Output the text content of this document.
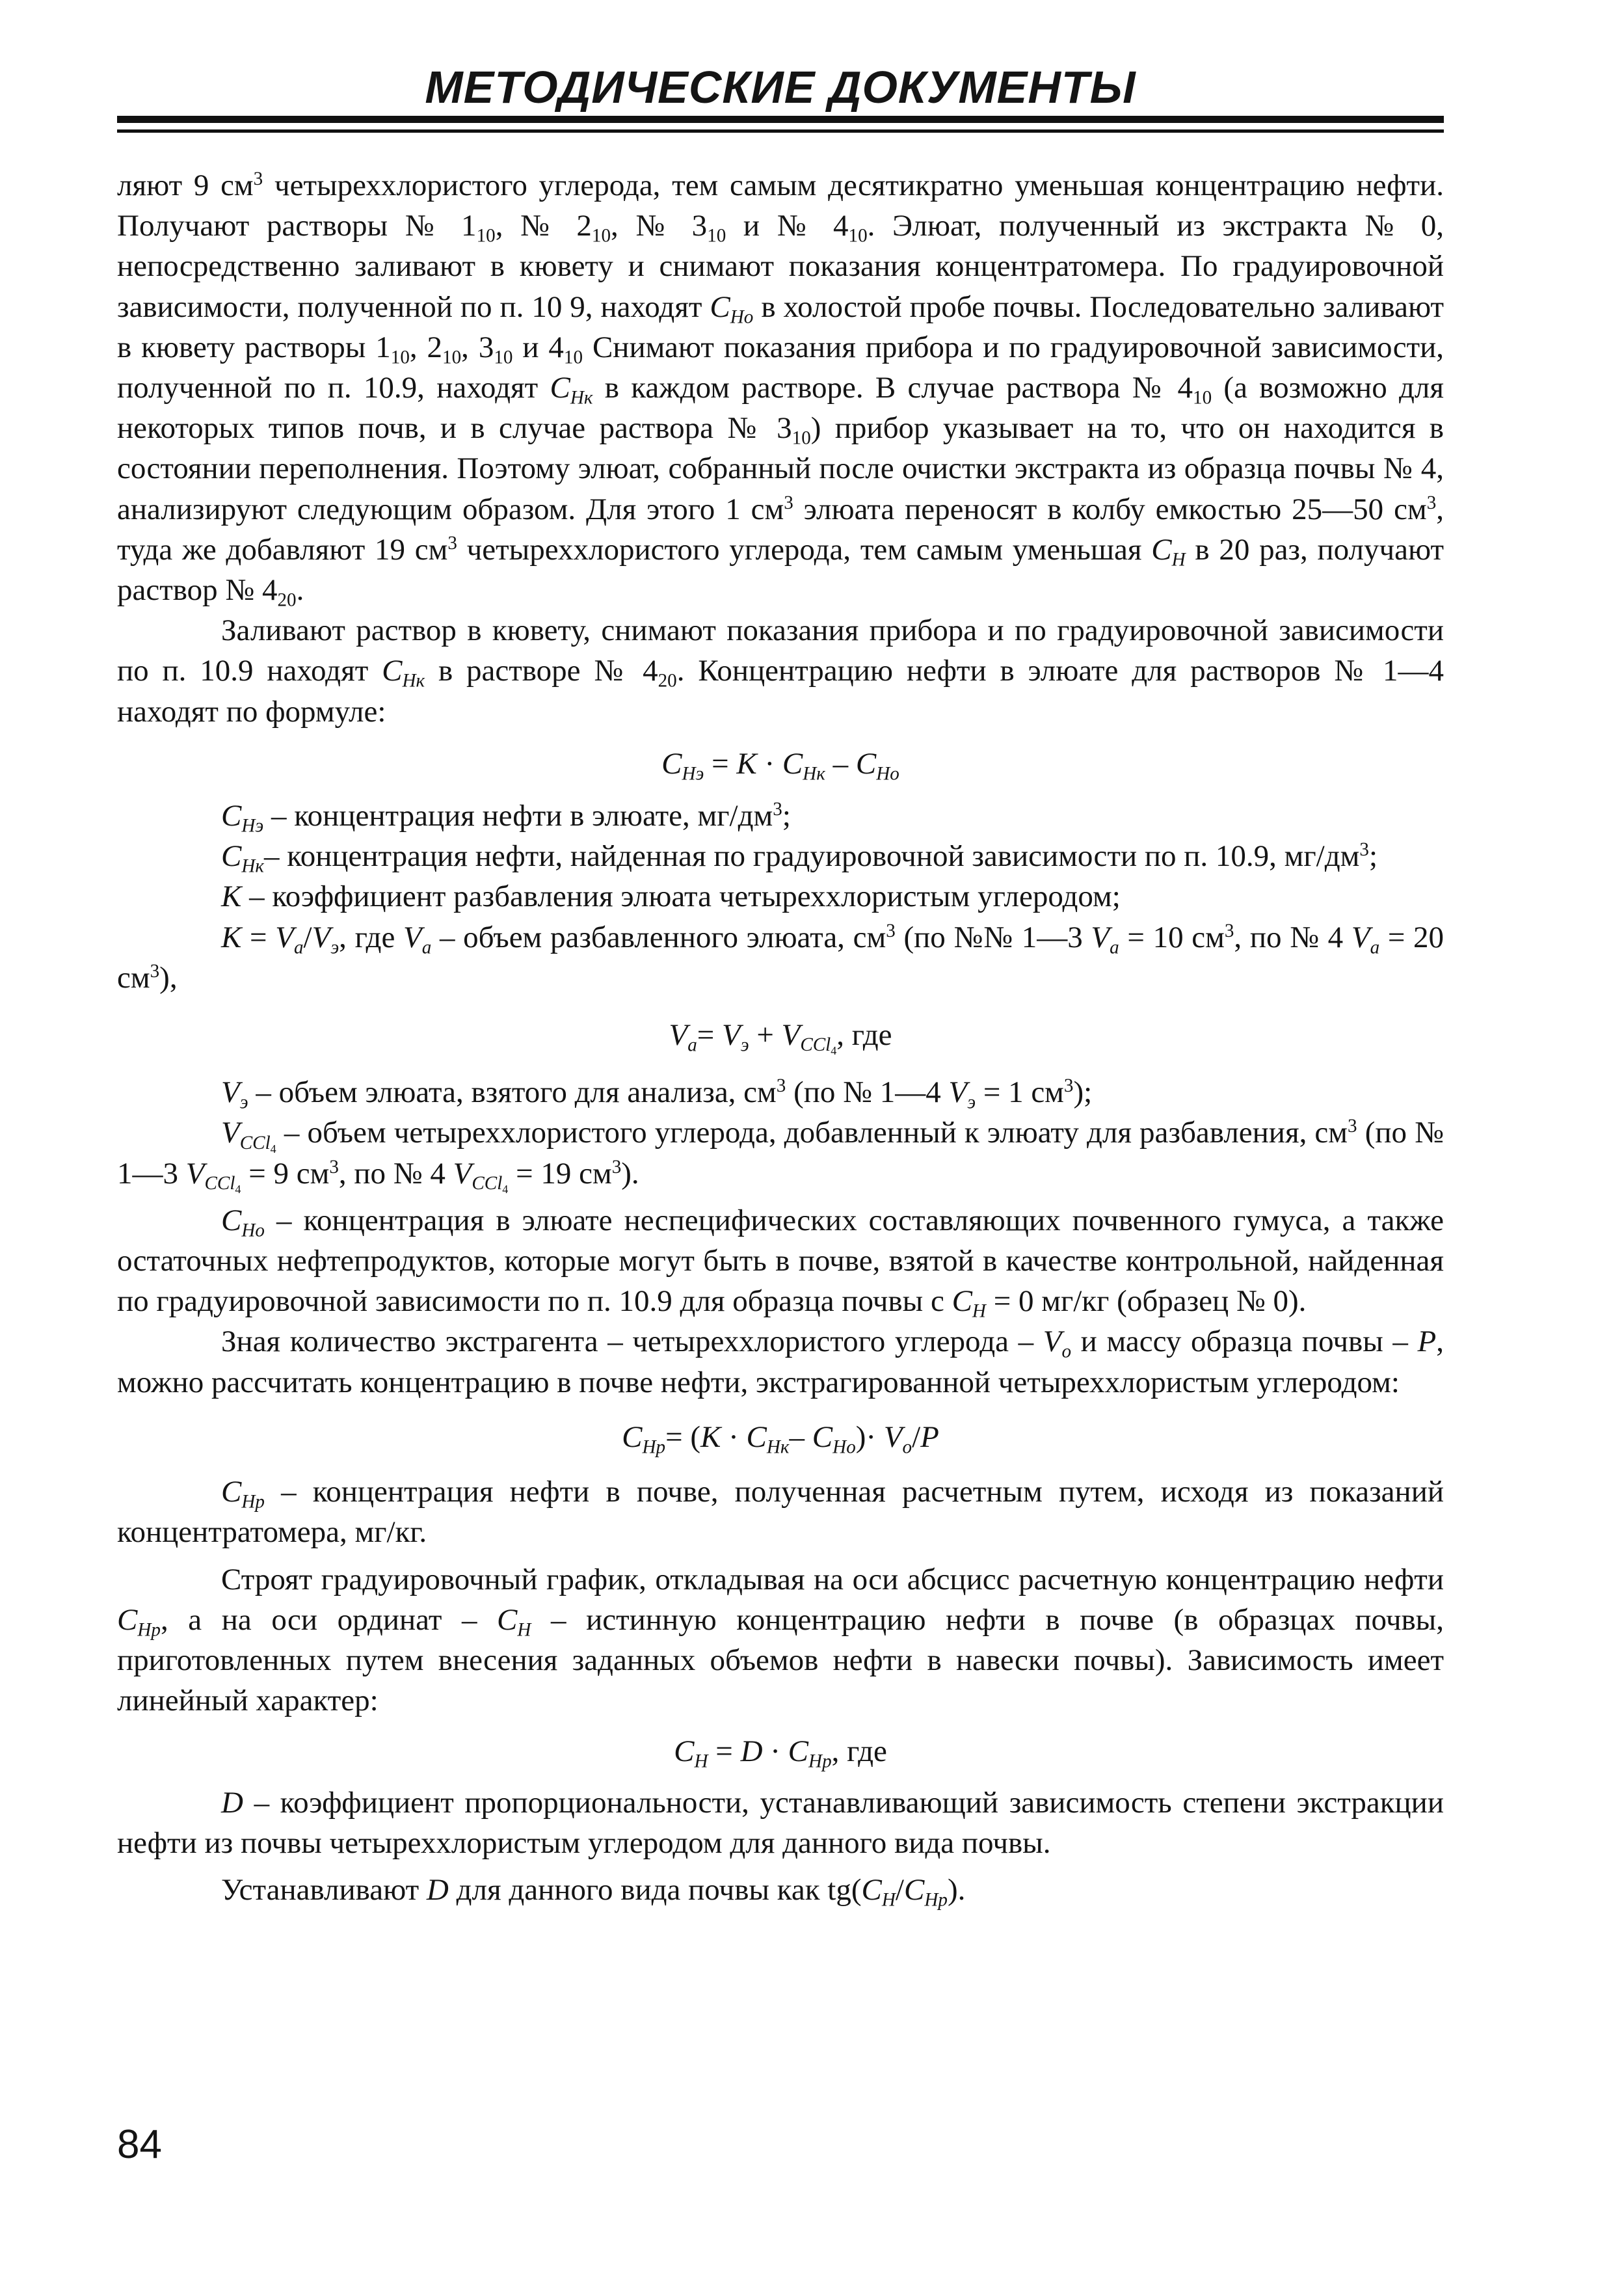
МЕТОДИЧЕСКИЕ ДОКУМЕНТЫ

ляют 9 $см^3$ четыреххлористого углерода, тем самым десятикратно уменьшая концентрацию нефти. Получают растворы № $1_{10}$, № $2_{10}$, № $3_{10}$ и № $4_{10}$. Элюат, полученный из экстракта № 0, непосредственно заливают в кювету и снимают показания концентратомера. По градуировочной зависимости, полученной по п. 10 9, находят $C_{Ho}$ в холостой пробе почвы. Последовательно заливают в кювету растворы $1_{10}$, $2_{10}$, $3_{10}$ и $4_{10}$ Снимают показания прибора и по градуировочной зависимости, полученной по п. 10.9, находят $C_{Hк}$ в каждом растворе. В случае раствора № $4_{10}$ (а возможно для некоторых типов почв, и в случае раствора № $3_{10}$) прибор указывает на то, что он находится в состоянии переполнения. Поэтому элюат, собранный после очистки экстракта из образца почвы № 4, анализируют следующим образом. Для этого 1 $см^3$ элюата переносят в колбу емкостью 25—50 $см^3$, туда же добавляют 19 $см^3$ четыреххлористого углерода, тем самым уменьшая $C_H$ в 20 раз, получают раствор № $4_{20}$.

Заливают раствор в кювету, снимают показания прибора и по градуировочной зависимости по п. 10.9 находят $C_{Hк}$ в растворе № $4_{20}$. Концентрацию нефти в элюате для растворов № 1—4 находят по формуле:

$C_{Hэ} = K \cdot C_{Hк} - C_{Ho}$

$C_{Hэ}$ – концентрация нефти в элюате, $мг/дм^3$;

$C_{Hк}-$ концентрация нефти, найденная по градуировочной зависимости по п. 10.9, $мг/дм^3$;

K – коэффициент разбавления элюата четыреххлористым углеродом;

$K = V_a/V_э$, где $V_a$ – объем разбавленного элюата, $см^3$ (по №№ 1—3 $V_a = 10$ $см^3$, по № 4 $V_a = 20$ $см^3$),

$V_a= V_э + V_{CCl_4}$, где

$V_э$ – объем элюата, взятого для анализа, $см^3$ (по № 1—4 $V_э = 1$ $см^3$);

$V_{CCl_4}$ – объем четыреххлористого углерода, добавленный к элюату для разбавления, $см^3$ (по № 1—3 $V_{CCl_4} = 9$ $см^3$, по № 4 $V_{CCl_4} = 19$ $см^3$).

$C_{Ho}$ – концентрация в элюате неспецифических составляющих почвенного гумуса, а также остаточных нефтепродуктов, которые могут быть в почве, взятой в качестве контрольной, найденная по градуировочной зависимости по п. 10.9 для образца почвы с $C_H = 0$ мг/кг (образец № 0).

Зная количество экстрагента – четыреххлористого углерода – $V_o$ и массу образца почвы – P, можно рассчитать концентрацию в почве нефти, экстрагированной четыреххлористым углеродом:

$C_{Hp}= (K \cdot C_{Hк}-$ $C_{Ho})\cdot V_o/P$

$C_{Hp}$ – концентрация нефти в почве, полученная расчетным путем, исходя из показаний концентратомера, мг/кг.

Строят градуировочный график, откладывая на оси абсцисс расчетную концентрацию нефти $C_{Hp}$, а на оси ординат – $C_H$ – истинную концентрацию нефти в почве (в образцах почвы, приготовленных путем внесения заданных объемов нефти в навески почвы). Зависимость имеет линейный характер:

$C_H = D \cdot C_{Hp}$, где

D – коэффициент пропорциональности, устанавливающий зависимость степени экстракции нефти из почвы четыреххлористым углеродом для данного вида почвы.

Устанавливают D для данного вида почвы как $tg(C_H/C_{Hp})$.

84
